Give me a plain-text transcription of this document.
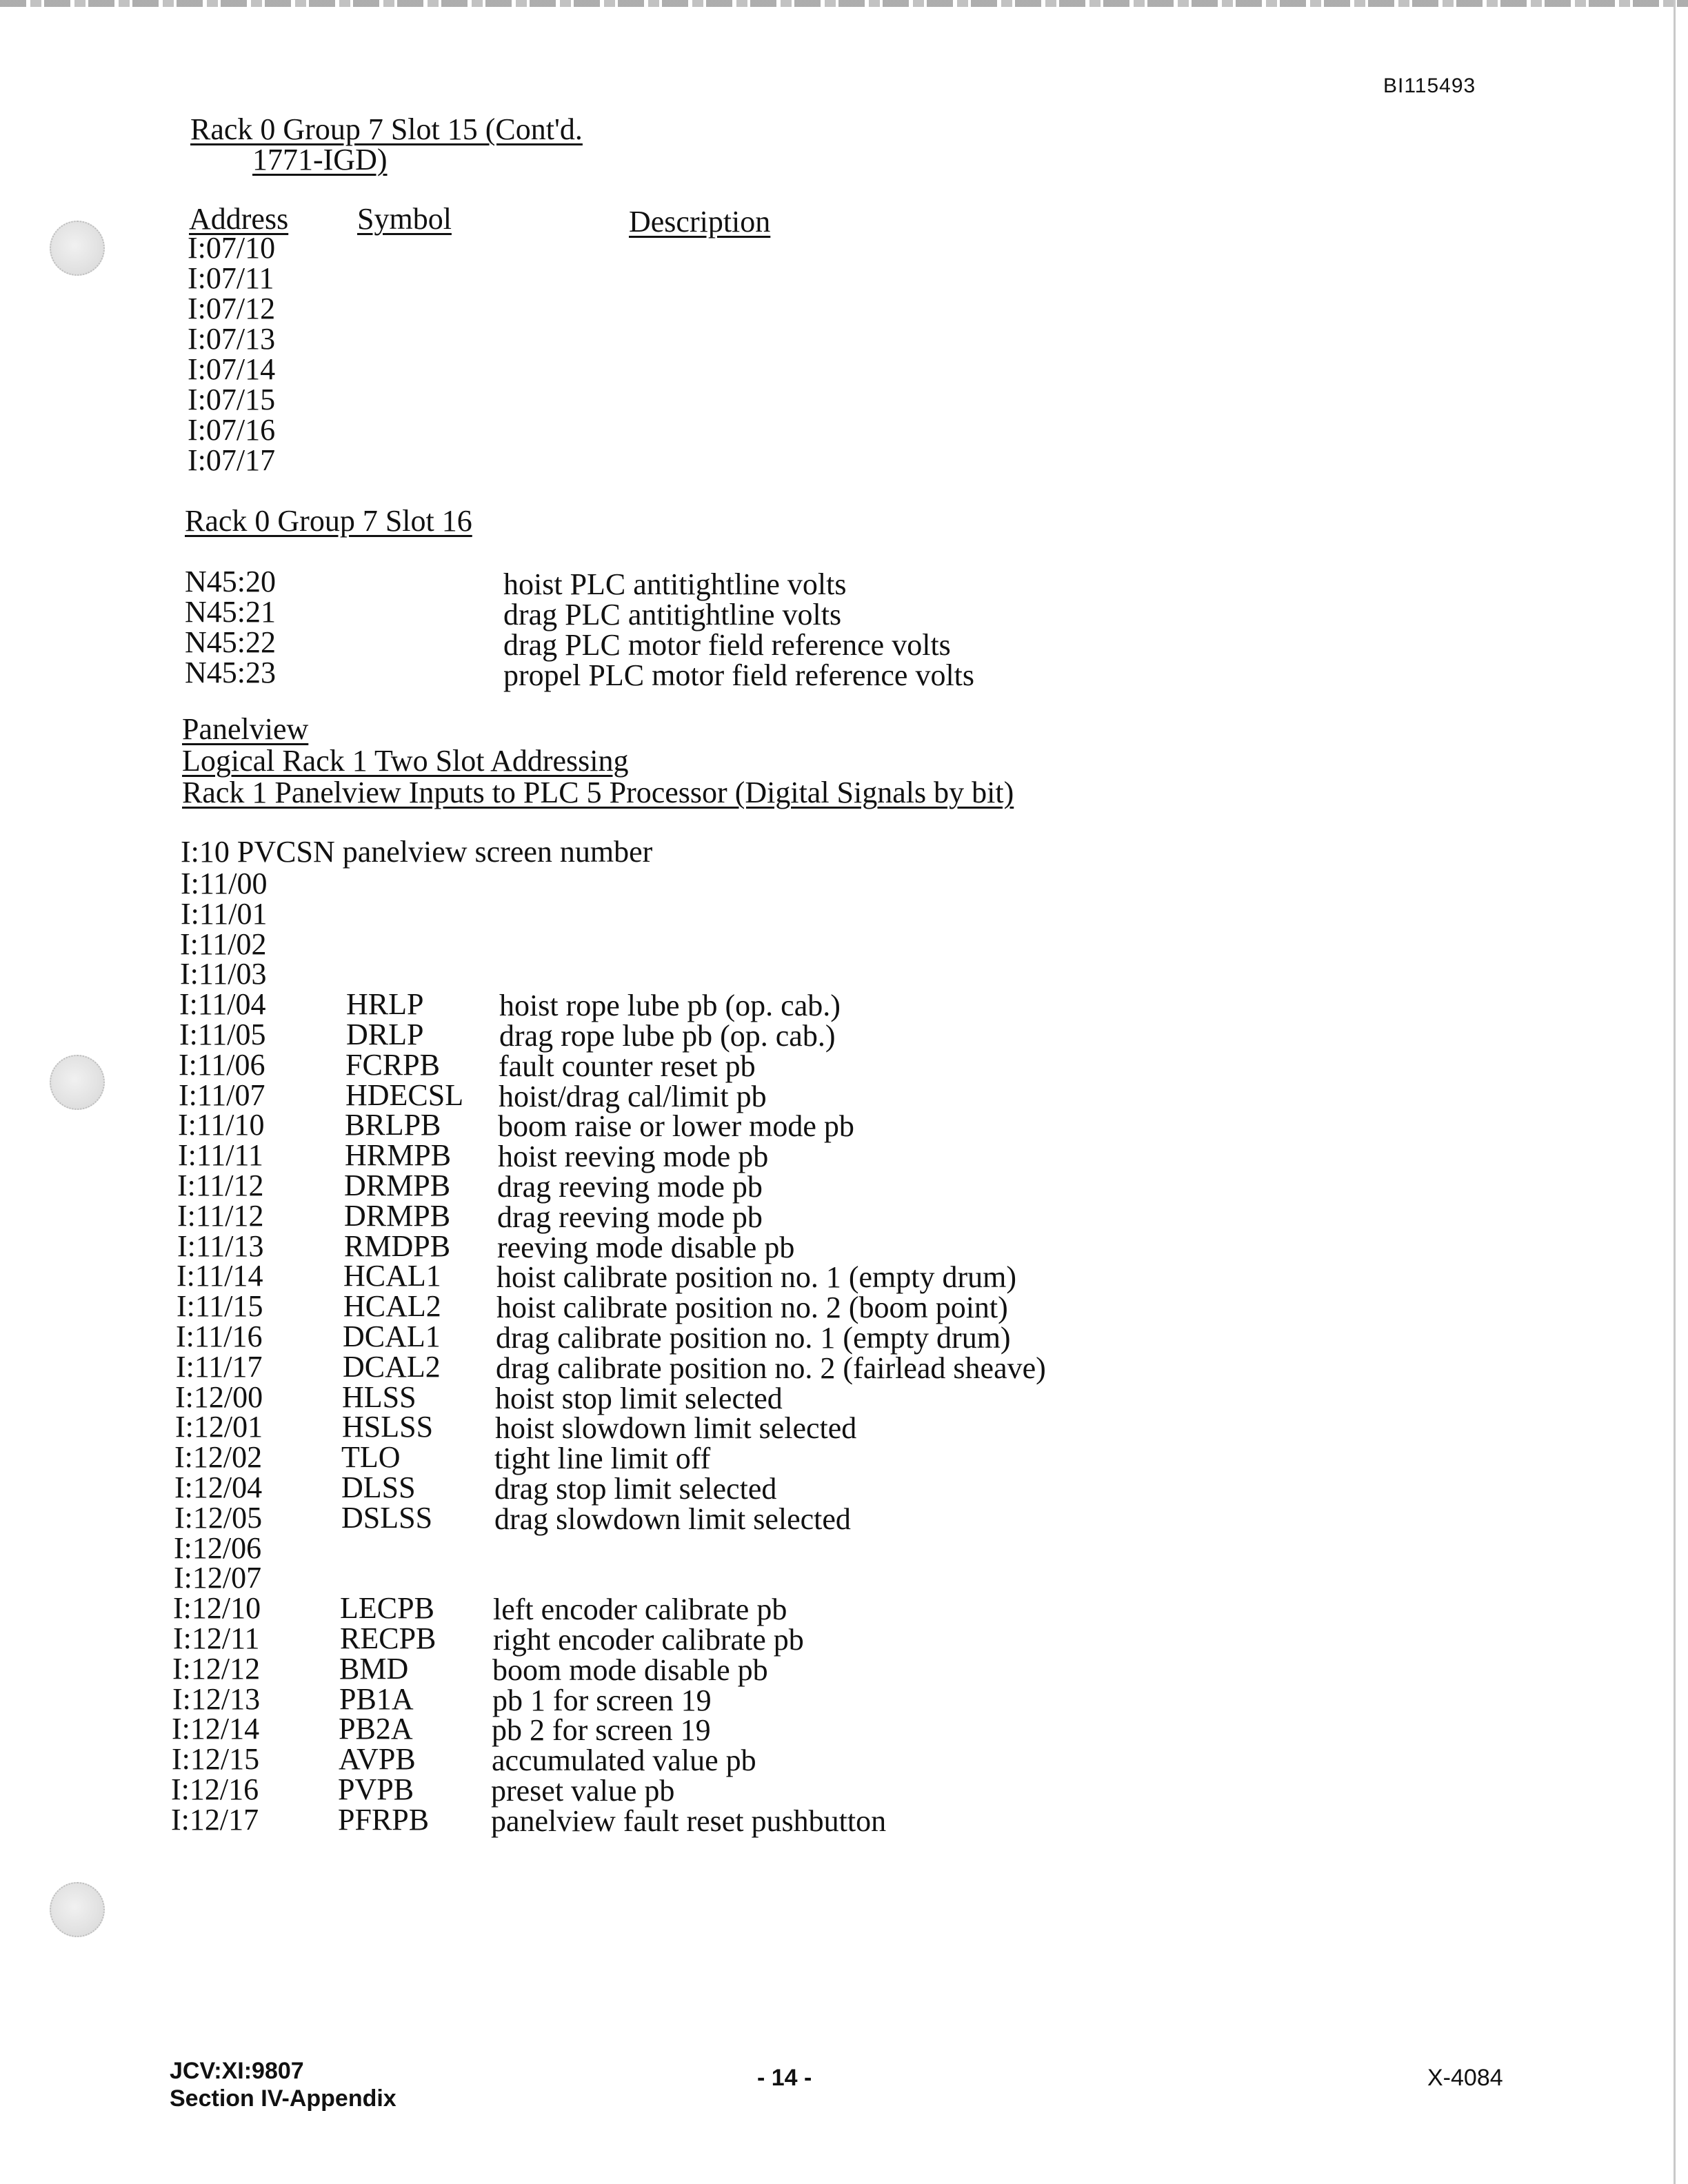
BI115493
Rack 0 Group 7 Slot 15 (Cont'd.
1771-IGD)
Address Symbol	Description
I:07/10
I:07/11
I:07/12
I:07/13
I:07/14
I:07/15
I:07/16
I:07/17
Rack 0 Group 7 Slot 16
N45:20	hoist PLC antitightline volts
N45:21	drag PLC antitightline volts
N45:22	drag PLC motor field reference volts
N45:23	propel PLC motor field reference volts
Panelview
Logical Rack 1 Two Slot Addressing
Rack 1 Panelview Inputs to PLC 5 Processor (Digital Signals by bit)
I:10 PVCSN panelview screen number
I:11/00
I:11/01
I:11/02
I:11/03
I:11/04	HRLP hoist rope lube pb (op. cab.)
I:11/05	DRLP drag rope lube pb (op. cab.)
I:11/06	FCRPB fault counter reset pb
I:11/07	HDECSL hoist/drag cal/limit pb
I:11/10	BRLPB boom raise or lower mode pb
I:11/11	HRMPB hoist reeving mode pb
I:11/12	DRMPB drag reeving mode pb
I:11/12	DRMPB drag reeving mode pb
I:11/13	RMDPB reeving mode disable pb
I:11/14	HCAL1 hoist calibrate position no. 1 (empty drum)
I:11/15	HCAL2 hoist calibrate position no. 2 (boom point)
I:11/16	DCAL1 drag calibrate position no. 1 (empty drum)
I:11/17	DCAL2 drag calibrate position no. 2 (fairlead sheave)
I:12/00	HLSS	hoist stop limit selected
I:12/01	HSLSS hoist slowdown limit selected
I:12/02	TLO	tight line limit off
I:12/04	DLSS	drag stop limit selected
I:12/05	DSLSS drag slowdown limit selected
I:12/06
I:12/07
I:12/10	LECPB left encoder calibrate pb
I:12/11	RECPB right encoder calibrate pb
I:12/12	BMD	boom mode disable pb
I:12/13	PB1A	pb 1 for screen 19
I:12/14	PB2A	pb 2 for screen 19
I:12/15	AVPB	accumulated value pb
I:12/16	PVPB	preset value pb
I:12/17	PFRPB panelview fault reset pushbutton
JCV:XI:9807
Section IV-Appendix
- 14 -	X-4084
